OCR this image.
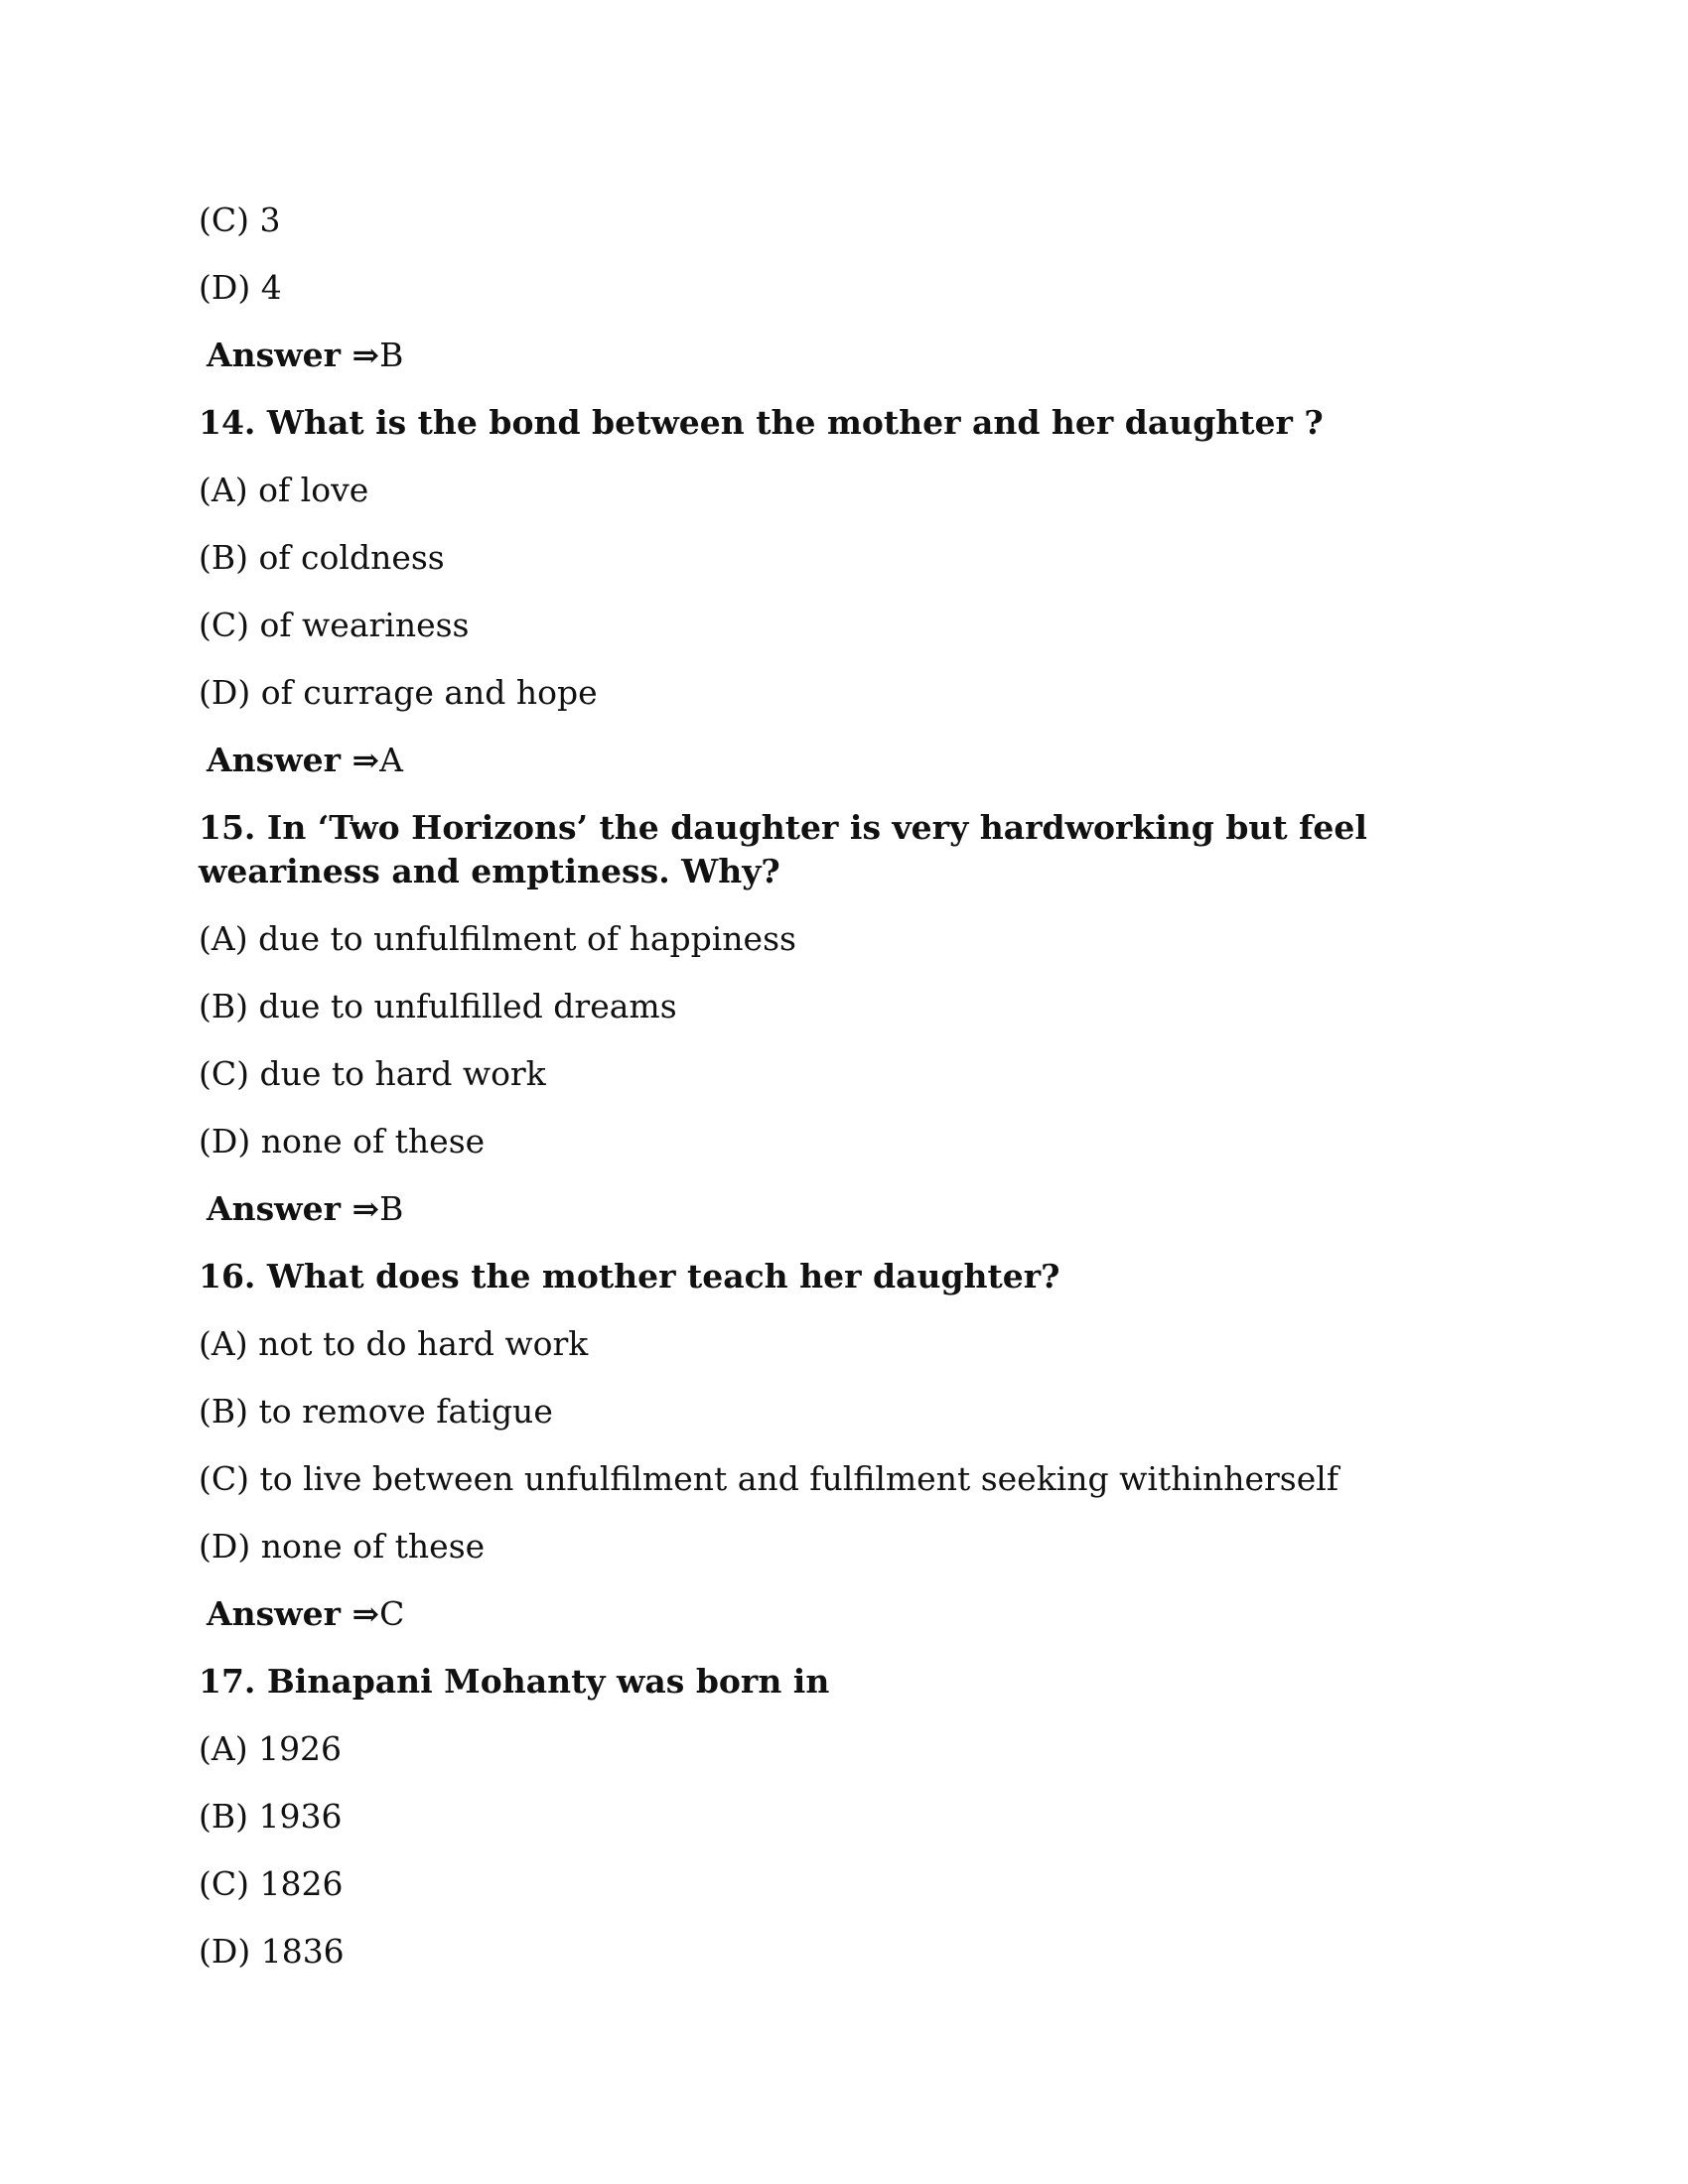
(C) 3

(D) 4

Answer ⇒B

14. What is the bond between the mother and her daughter ?

(A) of love

(B) of coldness

(C) of weariness

(D) of currage and hope

Answer ⇒A

15. In ‘Two Horizons’ the daughter is very hardworking but feel weariness and emptiness. Why?

(A) due to unfulfilment of happiness

(B) due to unfulfilled dreams

(C) due to hard work

(D) none of these

Answer ⇒B

16. What does the mother teach her daughter?

(A) not to do hard work

(B) to remove fatigue

(C) to live between unfulfilment and fulfilment seeking withinherself

(D) none of these

Answer ⇒C

17. Binapani Mohanty was born in

(A) 1926

(B) 1936

(C) 1826

(D) 1836
